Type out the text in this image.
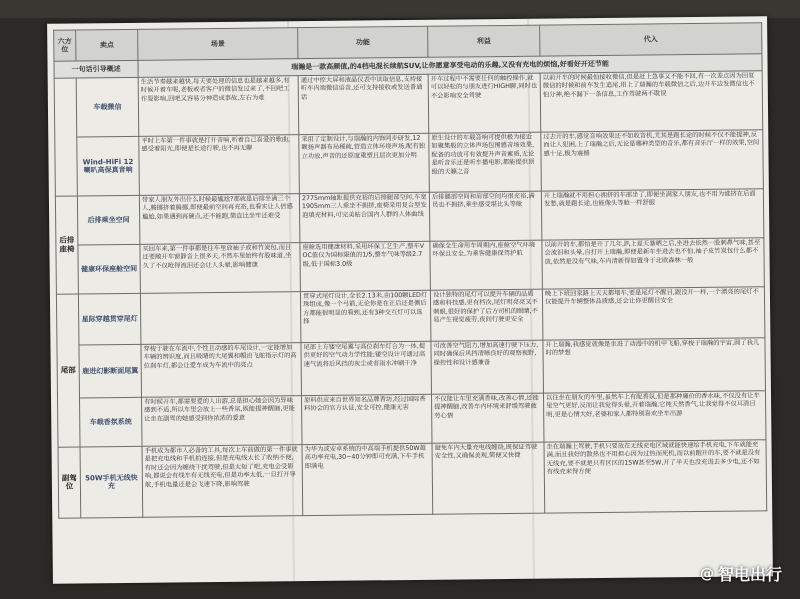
六方位	卖点	场景	功能	利益	代入
一句话引导概述		瑞瀚是一款高颜值,的4档电混长续航SUV,让你愿意享受电动的乐趣,又没有充电的烦恼,好看好开还节能			
	车载微信	生活节奏越来越快,每天要处理的信息也是越来越多,有时候开着车呢,老板或者客户的微信发过来了,不回吧工作耍影响,回吧又容易分神造成事故,左右为难	通过中控大屏和液晶仪表中读取信息,支持接听车内端微信语音,还可支持接收或发送普通话	开车过程中不需要任何的触控操作,就可以轻松的与朋友进行HIGH聊,同时也不会影响安全驾驶	以前开车的时候最怕接收微信,但是赶上急事又不能不回,有一次差点因为回复微信的时候和前车发生追尾,用上了瑞瀚的车载微信之后,边开车边发微信也不怕分神,绝不漏下一条信息,工作驾驶两不耽误
	Wind-HiFi 12喇叭高保真音响	平时上车第一件事就是打开音响,听着自己喜爱的歌曲,感受着阳光,即便是长途行驶,也不再无聊	采用了定制设计,与瑞瀚的内饰同步研发,12颗扬声器布局稀疏,营造立体环绕声场,配有独立功放,声音的还原度重塑且层次更加分明	原生设计的车载音响可提供极为接近如聚集般的立体声场包围感音场效果,配备的功放可有效提升声音素质,无论是听音乐还是听车播电影,都能提供顶级的天籁之音	过去开的车,感觉音响效果还不如收音机,尤其是跑长途的时候不仅不能提神,反而让人犯困,上了瑞瀚之后,无论是哪种类型的音乐,都有音乐厅一样的效果,空间感十足,极为震撼
后排座椅	后排乘坐空间	带家人朋友外出什么时候最尴尬?那就是后排坐满三个人,腾挪挤着腾挪,即便最前空间再充裕,也看实让人倍感尴尬,如果遇到再硬点,还不能跑,简直比坐牢还难受	2775mm轴距提供充裕的后排腿部空间,车宽1905mm三人乘坐不拥挤,座椅采用复合型发泡填充材料,可完美贴合国内人群的人体曲线	后排腿部空间和肩部空间均很充裕,满员也不拥挤,乘坐感受堪比头等舱	开上瑞瀚就不用担心拥挤的车部坐了,即便坐满家人朋友,也不用为谁挤在后面发愁,就是跑长途,也能像头等舱一样舒服
	健康环保座舱空间	买回车来,第一件事都是往车里放袖子或和竹炭包,而且还要敞开车窗静音上很多天,不然车里始终有股味道,坐久了不仅呛得流泪还会让人头晕,影响健康	座舱选用健康材料,采用环保工艺生产,整车VOC值仅为国标限值的1/5,整车气味等级2.7级,低于国标3.0级	确保全生命用车周期内,座舱空气环境环保且安全,为乘客健康保驾护航	以前开的车,都怕是开了几年,趴上夏天暴晒之后,坐进去依然一股刺鼻气味,甚至会流泪和头晕,自打开上瑞瀚,即便是新车坐进去也不怕,袖子皮竹炭包什么都不放,依然是没有气味,车内清新得如置身于北欧森林一般
尾部	星际穿越贯穿尾灯		贯穿式尾灯设计,全长2.13米,由100颗LED灯珠组成,像一个弓箭,无论你是在正后还是侧后方都能很明显的看到,还有3种交互灯可以选择	设计独特的尾灯可以提升车辆的品质感和科技感,更有档次,尾灯明亮亮又不刺眼,很好的保护了后方司机的眼睛,不易产生视觉疲劳,夜间行驶更安全	晚上下班回家路上天天都堵车,要是尾灯不醒目,跟没开一样,一个漂亮的尾灯不仅能提升车辆整体品质感,还会让你更醒目安全
	鹿进幻影断面尾翼	穿梭于驶在车流中,个性且动感的车尾设计,一定能增加车辆的辨识度,而且吸睛的大尾翼和帽沿飞舵指示灯的高位刹车灯,都会让爱车成为车流中的亮点	尾部上方镂空尾翼与高位刹车灯合为一体,提供更好的空气动力学性能;镂空设计可通过高速气流将后风挡的灰尘或者雨水冲刷干净	可改善空气阻力,增加高速行驶下压力,同时确保后风挡清晰良好的观察视野,操控性和设计感兼备	开上瑞瀚,我感觉就像是坐进了动漫中的机甲飞船,穿梭于瑞瀚的宇宙,圆了我儿时的梦想
	车载香氛系统	有时候开车,都需要爱的人出游,总是担心她会因为异味感到不适,所以车里会放上一些香氛,既能提神醒脑,更能让坐在副驾的她感受到你浓浓的爱意	原料供应来自世界知名品牌香坊,经过国际香料协会的官方认证,安全可控,健康无害	不仅能让车里充满香味,改善心情,还能提神醒脑,改善车内环境来舒缓驾驶疲劳心情	以往坐在朋友的车里,虽然车上有配香氛,但是那种廉价的香水味,不仅没有让车里空气更好,反而让我觉得头晕,开着瑞瀚,它纯天然香气,让我觉得不仅耳清目明,更是心情大好,老婆和家人都特别喜欢坐车出游
副驾位	50W手机无线快充	手机成为都市人必备的工具,每次上车前做的第一件事就是把充电线和手机拍连接,但是充电线太长了收纳不便,有时还会因为缠绕干扰驾驶,但是太短了吧,充电会受影响,都说会有线车有无线充电,但是功率太低,一旦打开导航,手机电量还是会飞速下降,影响驾驶	为华为或安卓系统的中高端手机提供50W超高功率充电,30~40分钟即可充满,下车手机即满电	避免车内大量充电线缠绕,既保证驾驶安全性,又确保美观,简便又快捷	坐在瑞瀚上驾驶,手机只要放在无线充电区域就能快速给手机充电,下车就能充满,而且我好的散热也不用担心因为过热而死机,而以前跑开的车,要不就是没有无线充,要不就是只有区区的15W甚至5W,开了半天也没充进去多少电,还不如有线充来得方便
@ 智电出行
